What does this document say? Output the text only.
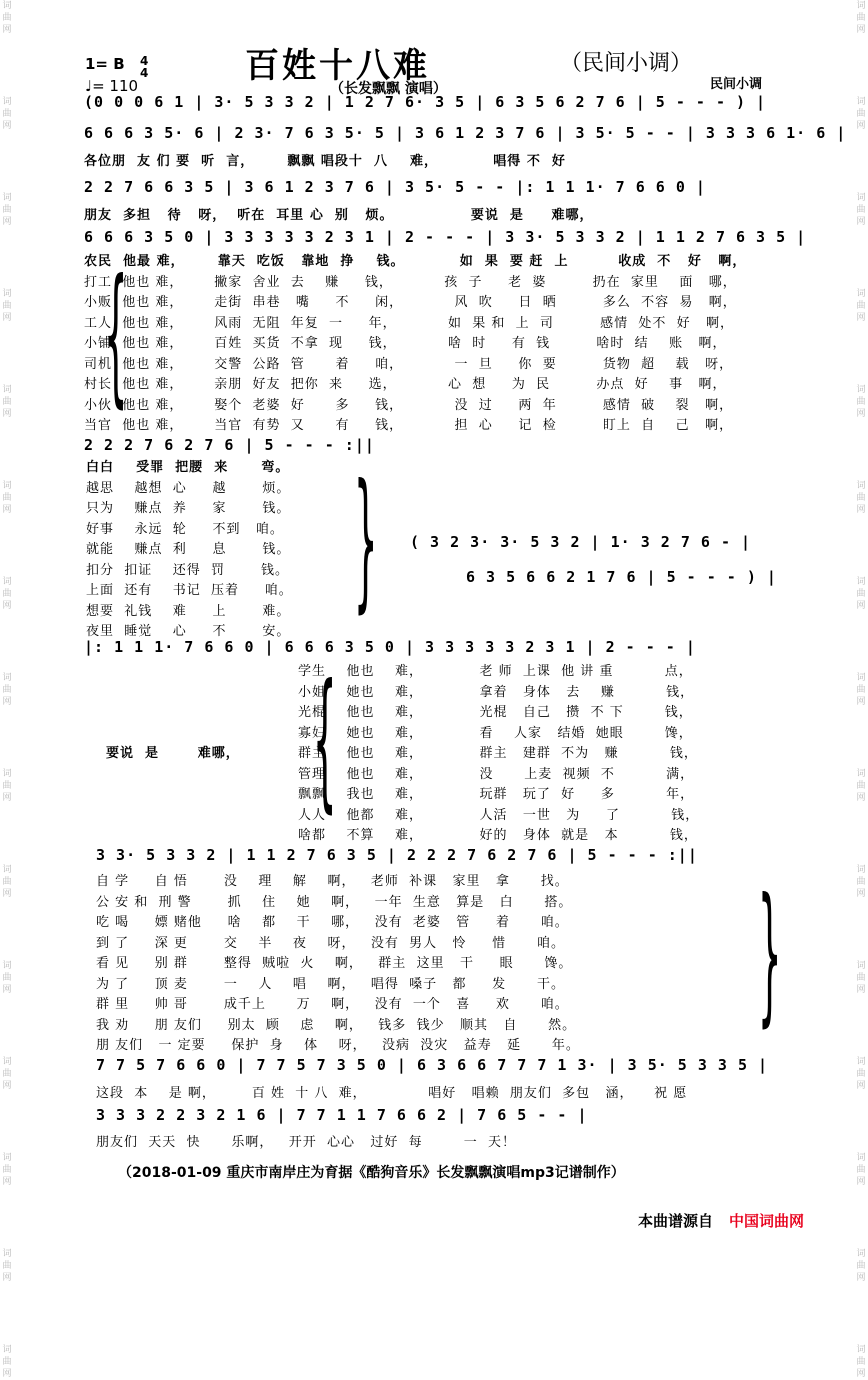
词曲网
词曲网
词曲网
词曲网
词曲网
词曲网
词曲网
词曲网
词曲网
词曲网
词曲网
词曲网
词曲网
词曲网
词曲网
词曲网
词曲网
词曲网
词曲网
词曲网
词曲网
词曲网
词曲网
词曲网
词曲网
词曲网
词曲网
词曲网
词曲网
词曲网
百姓十八难	（民间小调）
（长发飘飘 演唱）
1= B 4
4
♩= 110	民间小调
(0 0 0 6 1 | 3· 5 3 3 2 | 1 2 7 6· 3 5 | 6 3 5 6 2 7 6 | 5 - - - ) |
6 6 6 3 5· 6 | 2 3· 7 6 3 5· 5 | 3 6 1 2 3 7 6 | 3 5· 5 - - | 3 3 3 6 1· 6 |
各位朋  友 们 要  听  言，      飘飘 唱段十  八    难，          唱得 不  好
2 2 7 6 6 3 5 | 3 6 1 2 3 7 6 | 3 5· 5 - - |: 1 1 1· 7 6 6 0 |
朋友  多担   待   呀，  听在  耳里 心  别   烦。              要说  是     难哪，
6 6 6 3 5 0 | 3 3 3 3 3 2 3 1 | 2 - - - | 3 3· 5 3 3 2 | 1 1 2 7 6 3 5 |
{
农民  他最 难，      靠天  吃饭   靠地  挣    钱。          如  果  要 赶  上         收成  不   好   啊，
打工  他也 难，      撇家  舍业  去    赚     钱，          孩  子     老  婆         扔在  家里    面   哪，
小贩  他也 难，      走街  串巷   嘴     不     闲，          风  吹     日  晒         多么  不容  易   啊，
工人  他也 难，      风雨  无阻  年复  一     年，          如  果 和  上  司         感情  处不  好   啊，
小铺  他也 难，      百姓  买货  不拿  现     钱，          啥  时     有  钱         啥时  结    账   啊，
司机  他也 难，      交警  公路  管      着     咱，          一  旦     你  要         货物  超    载   呀，
村长  他也 难，      亲朋  好友  把你  来     选，          心  想     为  民         办点  好    事   啊，
小伙  他也 难，      娶个  老婆  好      多     钱，          没  过     两  年         感情  破    裂   啊，
当官  他也 难，      当官  有势  又      有     钱，          担  心     记  检         盯上  自    己   啊，
2 2 2 7 6 2 7 6 | 5 - - - :||
白白    受罪  把腰  来      弯。
越思    越想  心     越       烦。
只为    赚点  养     家       钱。
好事    永远  轮     不到   咱。
就能    赚点  利     息       钱。
扣分  扣证    还得  罚       钱。
上面  还有    书记  压着     咱。
想要  礼钱    难     上       难。
夜里  睡觉    心     不       安。
} ( 3 2 3· 3· 5 3 2 | 1· 3 2 7 6 - |
6 3 5 6 6 2 1 7 6 | 5 - - - ) |
|: 1 1 1· 7 6 6 0 | 6 6 6 3 5 0 | 3 3 3 3 3 2 3 1 | 2 - - - |
要说  是       难哪， {
学生    他也    难，           老 师  上课  他 讲 重          点，
小姐    她也    难，           拿着   身体   去    赚          钱，
光棍    他也    难，           光棍   自己   攒  不 下        钱，
寡妇    她也    难，           看    人家   结婚  她眼        馋，
群主    他也    难，           群主   建群  不为   赚          钱，
管理    他也    难，           没      上麦  视频  不          满，
飘飘    我也    难，           玩群   玩了  好     多          年，
人人    他都    难，           人活   一世   为     了          钱，
啥都    不算    难，           好的   身体  就是   本          钱，
3 3· 5 3 3 2 | 1 1 2 7 6 3 5 | 2 2 2 7 6 2 7 6 | 5 - - - :||
自 学     自 悟       没    理    解    啊，   老师  补课   家里   拿      找。
公 安 和  刑 警       抓    住    她    啊，   一年  生意   算是   白      搭。
吃 喝     嫖 赌他     啥    都    干    哪，   没有  老婆   管     着      咱。
到 了     深 更       交    半    夜    呀，   没有  男人   怜     惜      咱。
看 见     别 群       整得  贼啦  火    啊，   群主  这里   干     眼      馋。
为 了     顶 麦       一    人    唱    啊，   唱得  嗓子   都     发      干。
群 里     帅 哥       成千上      万    啊，   没有  一个   喜     欢      咱。
我 劝     朋 友们     别太  顾    虑    啊，   钱多  钱少   顺其   自      然。
朋 友们   一 定要     保护  身    体    呀，   没病  没灾   益寿   延      年。
}
7 7 5 7 6 6 0 | 7 7 5 7 3 5 0 | 6 3 6 6 7 7 7 1 3· | 3 5· 5 3 3 5 |
这段  本    是 啊，       百 姓  十 八  难，            唱好   唱赖  朋友们  多包   涵，    祝 愿
3 3 3 2 2 3 2 1 6 | 7 7 1 1 7 6 6 2 | 7 6 5 - - |
朋友们  天天  快      乐啊，   开开  心心   过好  每        一  天！
（2018-01-09 重庆市南岸庄为育据《酷狗音乐》长发飘飘演唱mp3记谱制作）
本曲谱源自 中国词曲网
